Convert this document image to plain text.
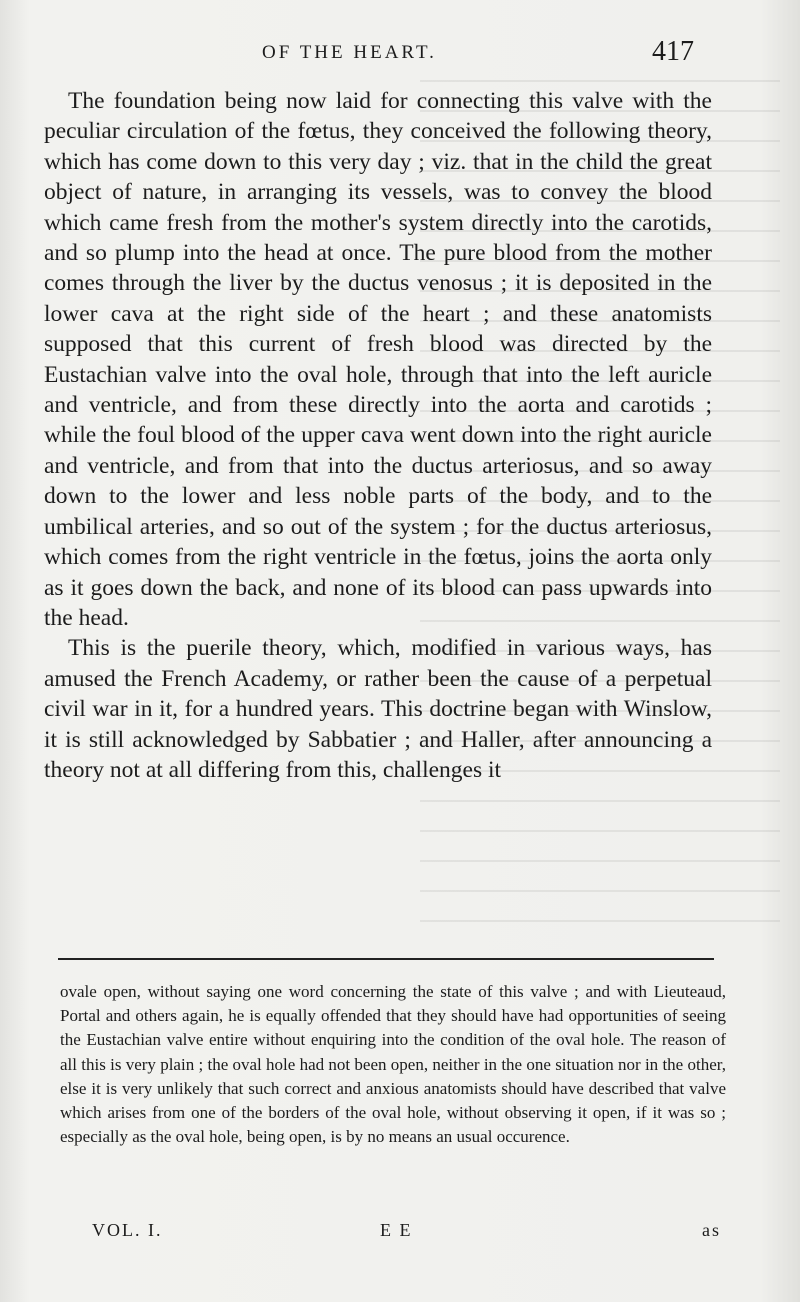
OF THE HEART.	417

The foundation being now laid for connecting this valve with the peculiar circulation of the fœtus, they conceived the following theory, which has come down to this very day ; viz. that in the child the great object of nature, in arranging its vessels, was to convey the blood which came fresh from the mother's system directly into the carotids, and so plump into the head at once. The pure blood from the mother comes through the liver by the ductus venosus ; it is deposited in the lower cava at the right side of the heart ; and these anatomists supposed that this current of fresh blood was directed by the Eustachian valve into the oval hole, through that into the left auricle and ventricle, and from these directly into the aorta and carotids ; while the foul blood of the upper cava went down into the right auricle and ventricle, and from that into the ductus arteriosus, and so away down to the lower and less noble parts of the body, and to the umbilical arteries, and so out of the system ; for the ductus arteriosus, which comes from the right ventricle in the fœtus, joins the aorta only as it goes down the back, and none of its blood can pass upwards into the head.

This is the puerile theory, which, modified in various ways, has amused the French Academy, or rather been the cause of a perpetual civil war in it, for a hundred years. This doctrine began with Winslow, it is still acknowledged by Sabbatier ; and Haller, after announcing a theory not at all differing from this, challenges it

ovale open, without saying one word concerning the state of this valve ; and with Lieuteaud, Portal and others again, he is equally offended that they should have had opportunities of seeing the Eustachian valve entire without enquiring into the condition of the oval hole. The reason of all this is very plain ; the oval hole had not been open, neither in the one situation nor in the other, else it is very unlikely that such correct and anxious anatomists should have described that valve which arises from one of the borders of the oval hole, without observing it open, if it was so ; especially as the oval hole, being open, is by no means an usual occurence.

VOL. I.	E E	as
